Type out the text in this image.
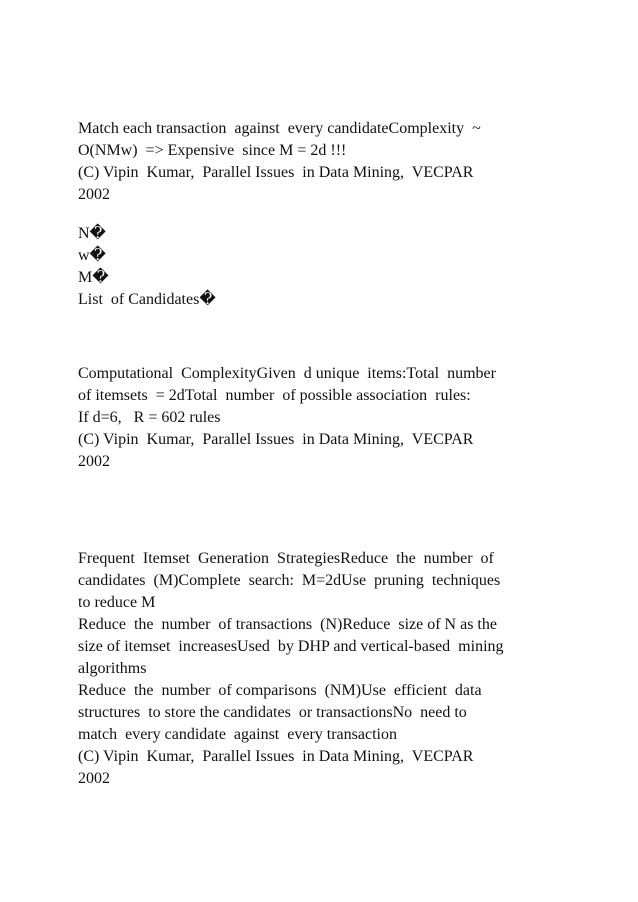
Match each transaction  against  every candidateComplexity  ~
O(NMw)  => Expensive  since M = 2d !!!
(C) Vipin  Kumar,  Parallel Issues  in Data Mining,  VECPAR
2002
N�
w�
M�
List  of Candidates�
Computational  ComplexityGiven  d unique  items:Total  number
of itemsets  = 2dTotal  number  of possible association  rules:
If d=6,   R = 602 rules
(C) Vipin  Kumar,  Parallel Issues  in Data Mining,  VECPAR
2002
Frequent  Itemset  Generation  StrategiesReduce  the  number  of
candidates  (M)Complete  search:  M=2dUse  pruning  techniques
to reduce M
Reduce  the  number  of transactions  (N)Reduce  size of N as the
size of itemset  increasesUsed  by DHP and vertical-based  mining
algorithms
Reduce  the  number  of comparisons  (NM)Use  efficient  data
structures  to store the candidates  or transactionsNo  need to
match  every candidate  against  every transaction
(C) Vipin  Kumar,  Parallel Issues  in Data Mining,  VECPAR
2002
